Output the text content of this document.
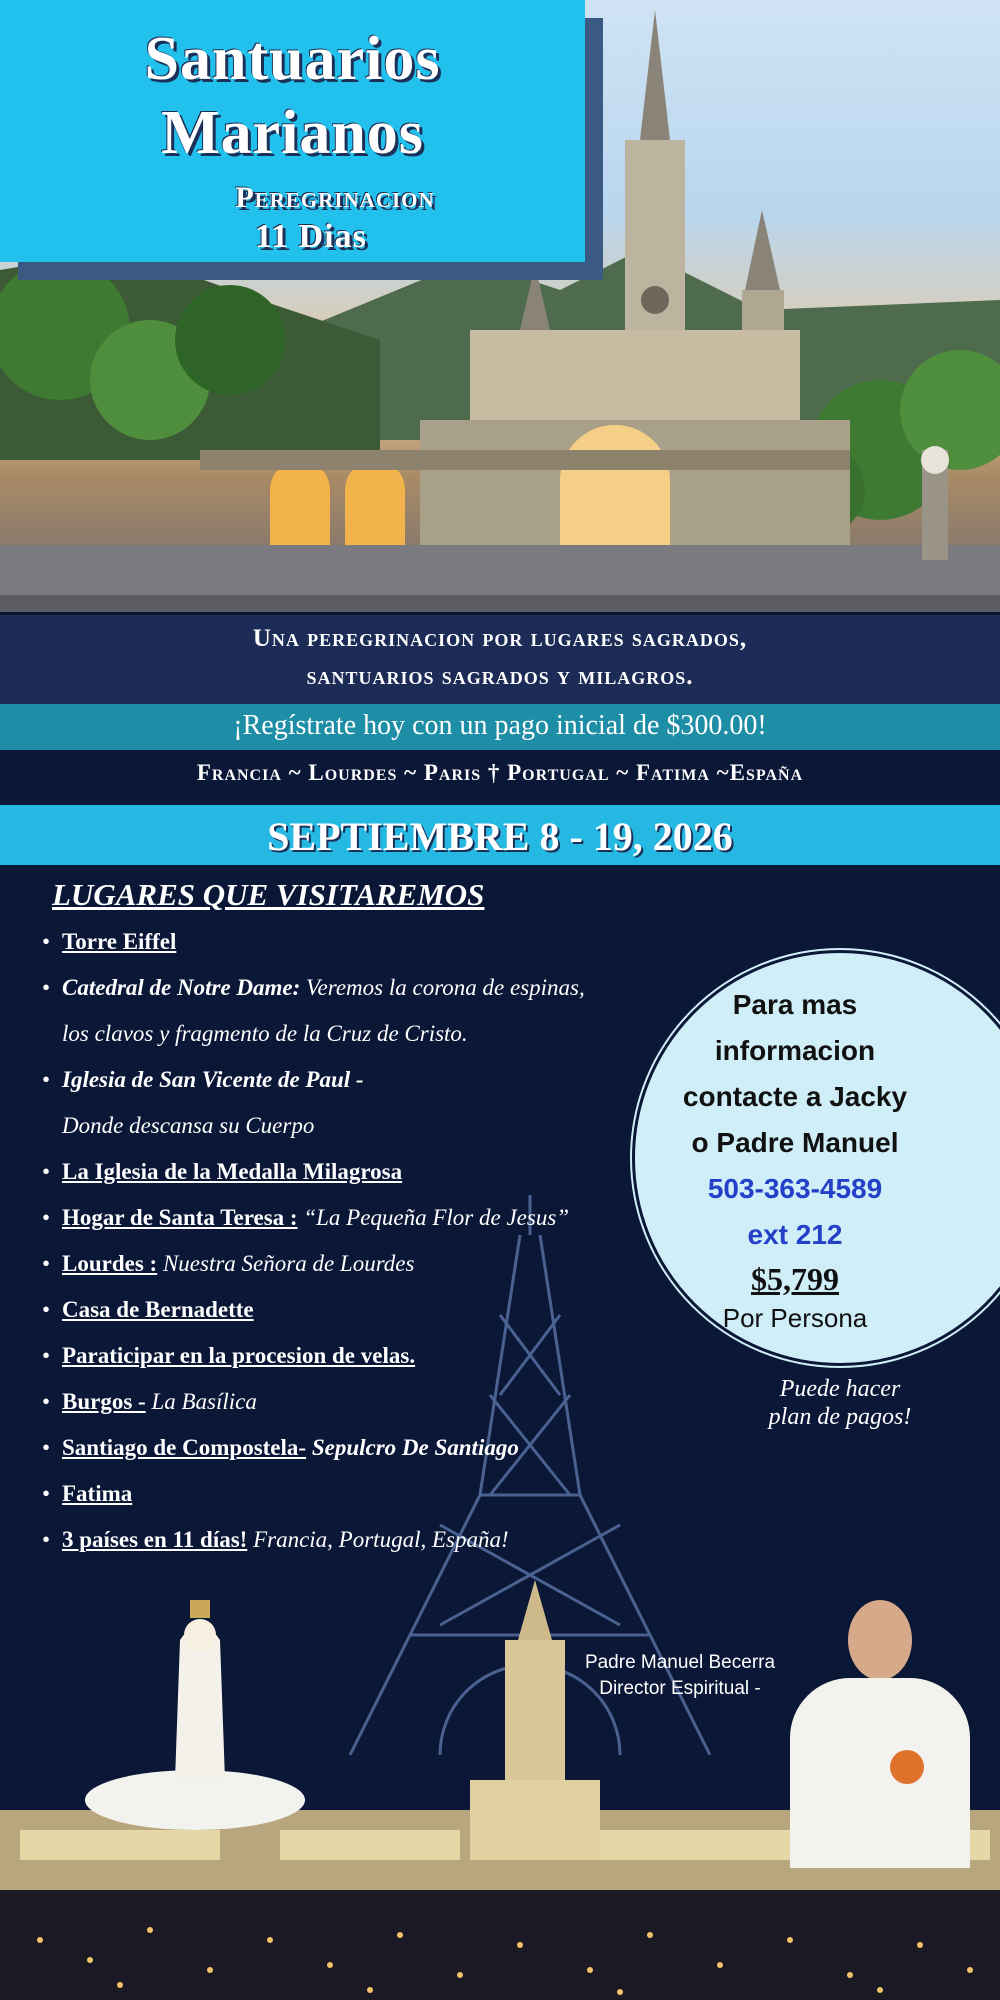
Santuarios
Marianos
Peregrinacion
11 Dias
Una peregrinacion por lugares sagrados,
santuarios sagrados y milagros.
¡Regístrate hoy con un pago inicial de $300.00!
Francia ~ Lourdes ~ Paris † Portugal ~ Fatima ~España
SEPTIEMBRE 8 - 19, 2026
LUGARES QUE VISITAREMOS
• Torre Eiffel
• Catedral de Notre Dame: Veremos la corona de espinas,
los clavos y fragmento de la Cruz de Cristo.
• Iglesia de San Vicente de Paul -
Donde descansa su Cuerpo
• La Iglesia de la Medalla Milagrosa
• Hogar de Santa Teresa : “La Pequeña Flor de Jesus”
• Lourdes : Nuestra Señora de Lourdes
• Casa de Bernadette
• Paraticipar en la procesion de velas.
• Burgos - La Basílica
• Santiago de Compostela- Sepulcro De Santiago
• Fatima
• 3 países en 11 días! Francia, Portugal, España!
Para mas
informacion
contacte a Jacky
o Padre Manuel
503-363-4589
ext 212
$5,799
Por Persona
Puede hacer
plan de pagos!
Padre Manuel Becerra
Director Espiritual -
